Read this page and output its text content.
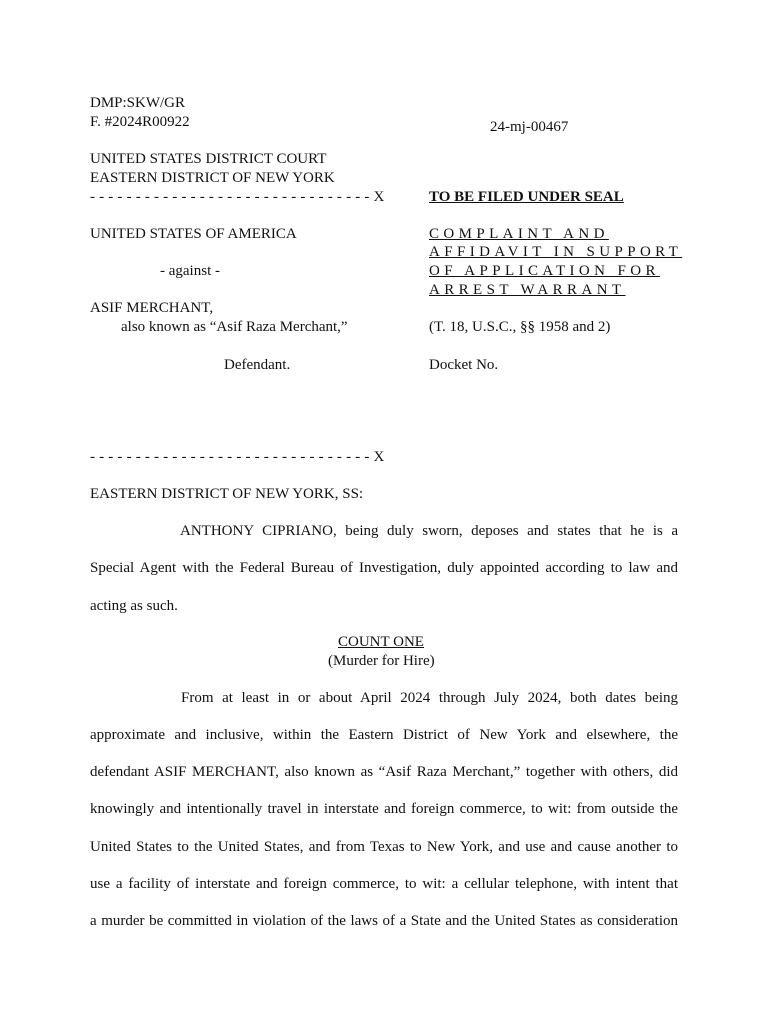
DMP:SKW/GR
F. #2024R00922	24-mj-00467
UNITED STATES DISTRICT COURT
EASTERN DISTRICT OF NEW YORK
- - - - - - - - - - - - - - - - - - - - - - - - - - - - - - - X	TO BE FILED UNDER SEAL
UNITED STATES OF AMERICA	COMPLAINT AND
AFFIDAVIT IN SUPPORT
- against -	OF APPLICATION FOR
ARREST WARRANT
ASIF MERCHANT,
also known as “Asif Raza Merchant,”	(T. 18, U.S.C., §§ 1958 and 2)
Defendant.	Docket No.
- - - - - - - - - - - - - - - - - - - - - - - - - - - - - - - X
EASTERN DISTRICT OF NEW YORK, SS:
ANTHONY CIPRIANO, being duly sworn, deposes and states that he is a
Special Agent with the Federal Bureau of Investigation, duly appointed according to law and
acting as such.
COUNT ONE
(Murder for Hire)
From at least in or about April 2024 through July 2024, both dates being
approximate and inclusive, within the Eastern District of New York and elsewhere, the
defendant ASIF MERCHANT, also known as “Asif Raza Merchant,” together with others, did
knowingly and intentionally travel in interstate and foreign commerce, to wit: from outside the
United States to the United States, and from Texas to New York, and use and cause another to
use a facility of interstate and foreign commerce, to wit: a cellular telephone, with intent that
a murder be committed in violation of the laws of a State and the United States as consideration
